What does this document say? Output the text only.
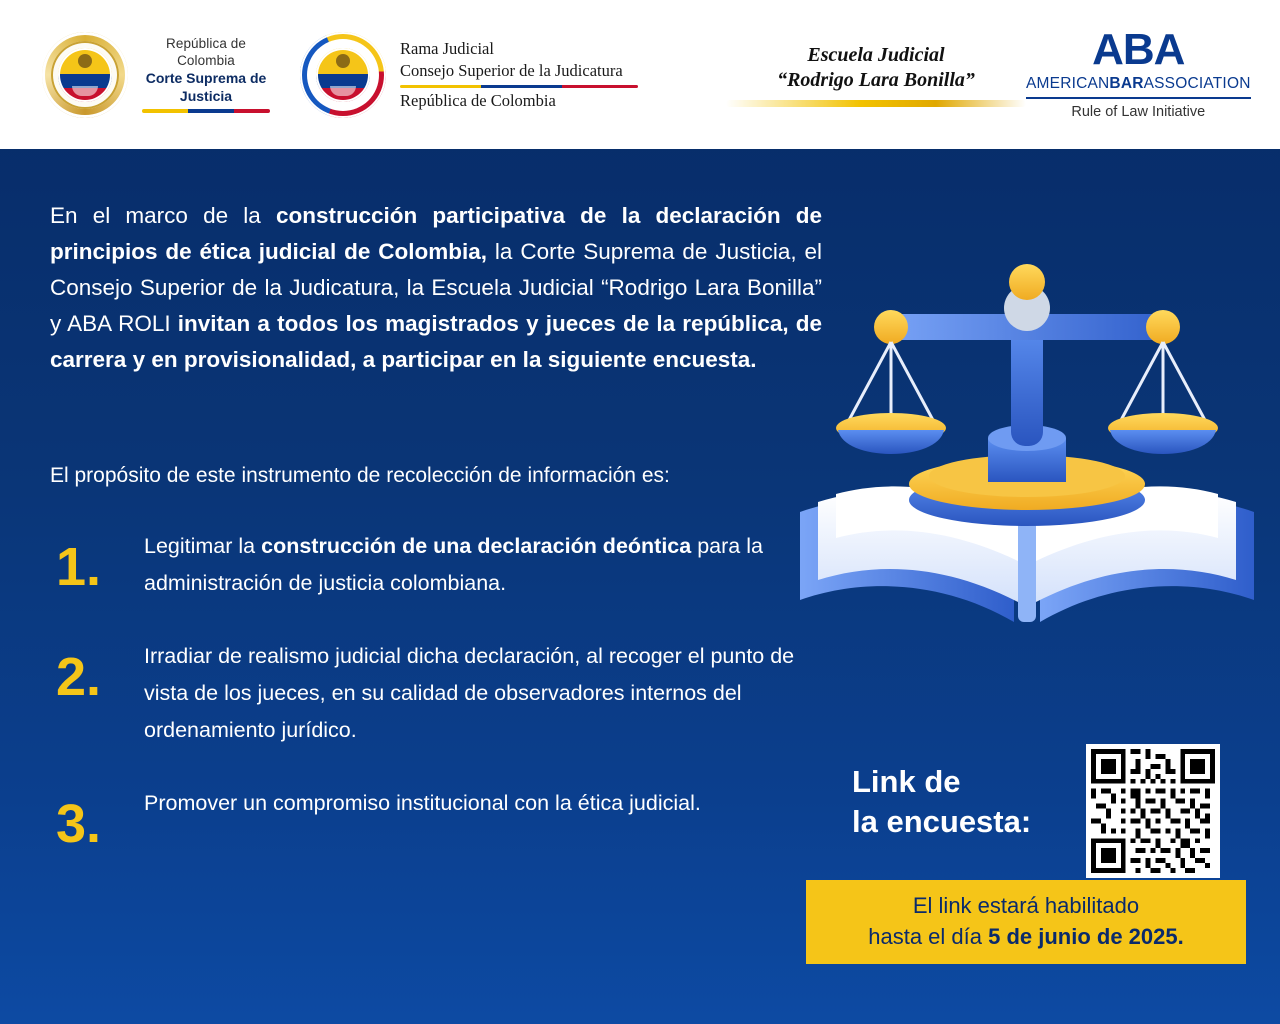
República de Colombia
Corte Suprema de Justicia
Rama Judicial
Consejo Superior de la Judicatura
República de Colombia
Escuela Judicial
“Rodrigo Lara Bonilla”
ABA
AMERICANBARASSOCIATION
Rule of Law Initiative
En el marco de la construcción participativa de la declaración de principios de ética judicial de Colombia, la Corte Suprema de Justicia, el Consejo Superior de la Judicatura, la Escuela Judicial “Rodrigo Lara Bonilla” y ABA ROLI invitan a todos los magistrados y jueces de la república, de carrera y en provisionalidad, a participar en la siguiente encuesta.
El propósito de este instrumento de recolección de información es:
1.	Legitimar la construcción de una declaración deóntica para la administración de justicia colombiana.
2.	Irradiar de realismo judicial dicha declaración, al recoger el punto de vista de los jueces, en su calidad de observadores internos del ordenamiento jurídico.
3.	Promover un compromiso institucional con la ética judicial.
Link de
la encuesta:
El link estará habilitado
hasta el día 5 de junio de 2025.
